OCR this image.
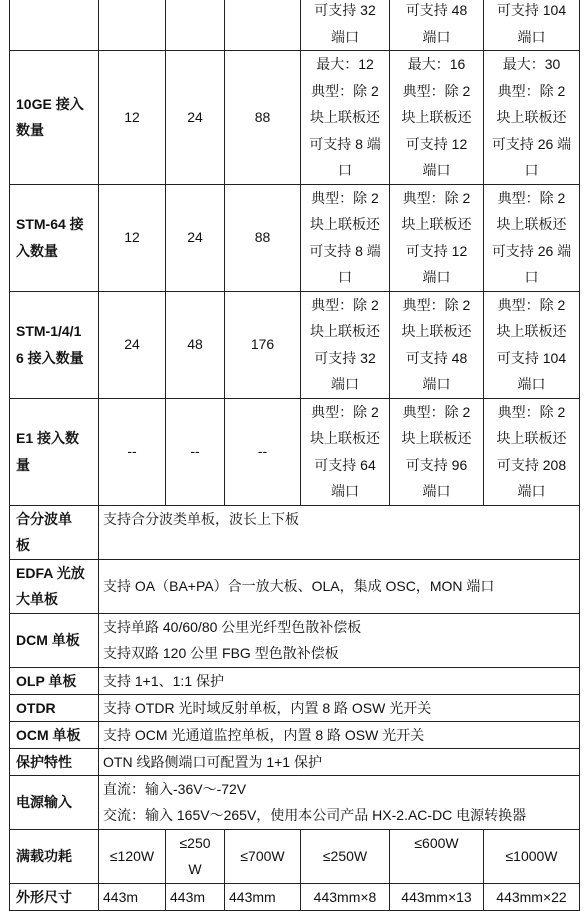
				可支持 32
端口	可支持 48
端口	可支持 104
端口

10GE 接入
数量	12	24	88	最大：12
典型：除 2
块上联板还
可支持 8 端
口	最大：16
典型：除 2
块上联板还
可支持 12
端口	最大：30
典型：除 2
块上联板还
可支持 26 端
口

STM-64 接
入数量	12	24	88	典型：除 2
块上联板还
可支持 8 端
口	典型：除 2
块上联板还
可支持 12
端口	典型：除 2
块上联板还
可支持 26 端
口

STM-1/4/1
6 接入数量	24	48	176	典型：除 2
块上联板还
可支持 32
端口	典型：除 2
块上联板还
可支持 48
端口	典型：除 2
块上联板还
可支持 104
端口

E1 接入数
量	--	--	--	典型：除 2
块上联板还
可支持 64
端口	典型：除 2
块上联板还
可支持 96
端口	典型：除 2
块上联板还
可支持 208
端口

合分波单
板	支持合分波类单板，波长上下板					

EDFA 光放
大单板	支持 OA（BA+PA）合一放大板、OLA，集成 OSC，MON 端口					

DCM 单板	支持单路 40/60/80 公里光纤型色散补偿板
支持双路 120 公里 FBG 型色散补偿板					

OLP 单板	支持 1+1、1:1 保护					

OTDR	支持 OTDR 光时域反射单板，内置 8 路 OSW 光开关					

OCM 单板	支持 OCM 光通道监控单板，内置 8 路 OSW 光开关					

保护特性	OTN 线路侧端口可配置为 1+1 保护					

电源输入	直流：输入-36V～-72V
交流：输入 165V～265V，使用本公司产品 HX-2.AC-DC 电源转换器					

满载功耗	≤120W	≤250
W	≤700W	≤250W	≤600W	≤1000W

外形尺寸	443m	443m	443mm	443mm×8	443mm×13	443mm×22
